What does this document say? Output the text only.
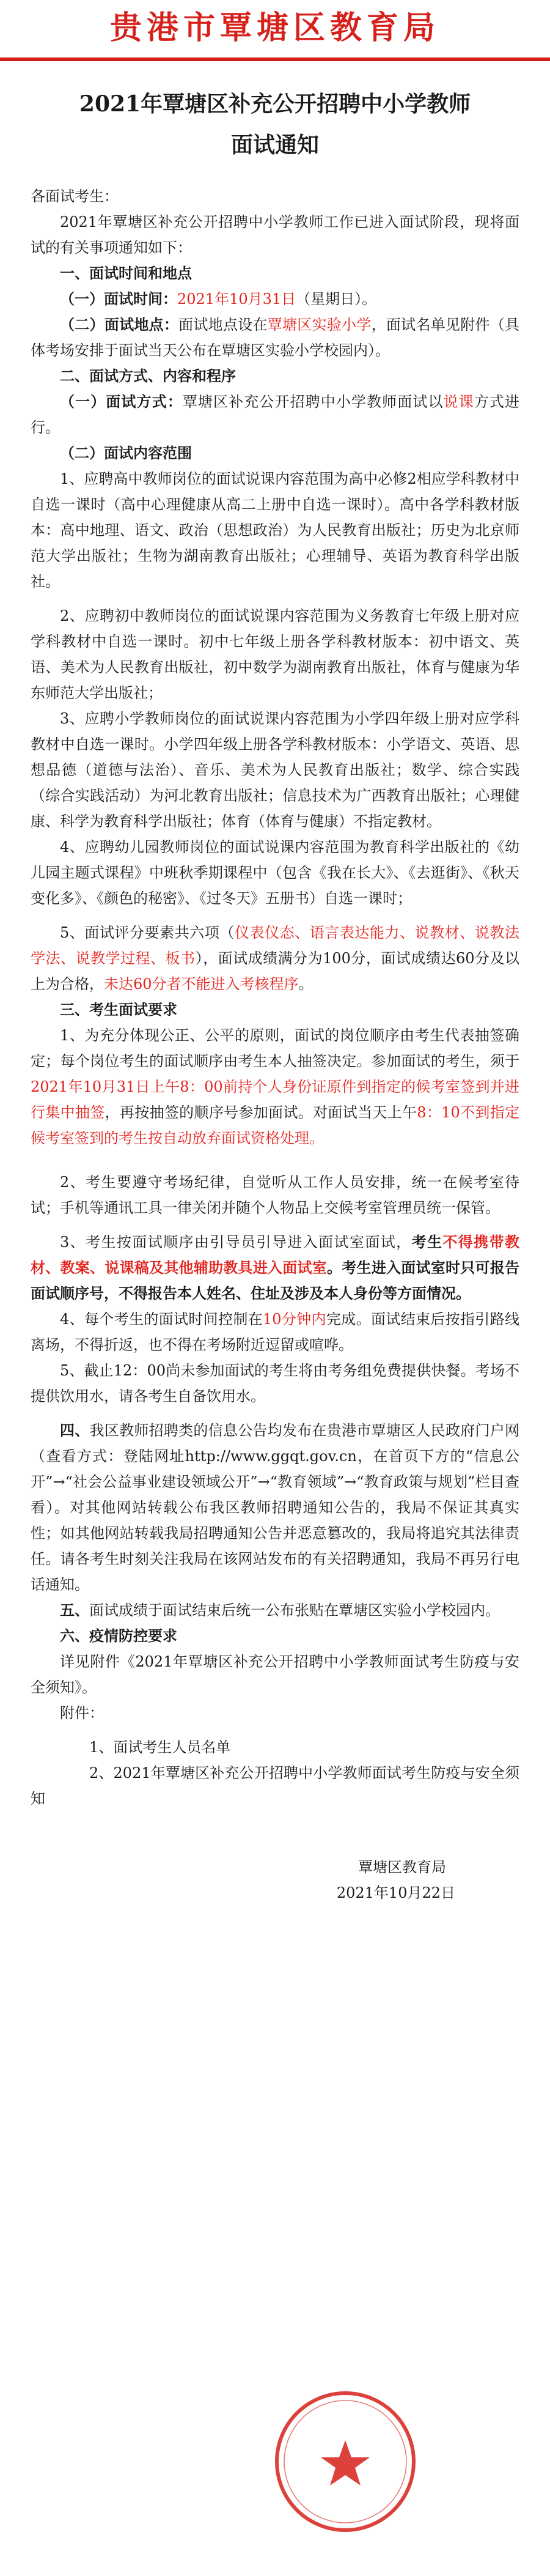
贵港市覃塘区教育局
2021年覃塘区补充公开招聘中小学教师
面试通知

各面试考生：

2021年覃塘区补充公开招聘中小学教师工作已进入面试阶段，现将面试的有关事项通知如下：

一、面试时间和地点

（一）面试时间：2021年10月31日（星期日）。

（二）面试地点：面试地点设在覃塘区实验小学，面试名单见附件（具体考场安排于面试当天公布在覃塘区实验小学校园内）。

二、面试方式、内容和程序

（一）面试方式：覃塘区补充公开招聘中小学教师面试以说课方式进行。

（二）面试内容范围

1、应聘高中教师岗位的面试说课内容范围为高中必修2相应学科教材中自选一课时（高中心理健康从高二上册中自选一课时）。高中各学科教材版本：高中地理、语文、政治（思想政治）为人民教育出版社；历史为北京师范大学出版社；生物为湖南教育出版社；心理辅导、英语为教育科学出版社。

2、应聘初中教师岗位的面试说课内容范围为义务教育七年级上册对应学科教材中自选一课时。初中七年级上册各学科教材版本：初中语文、英语、美术为人民教育出版社，初中数学为湖南教育出版社，体育与健康为华东师范大学出版社；

3、应聘小学教师岗位的面试说课内容范围为小学四年级上册对应学科教材中自选一课时。小学四年级上册各学科教材版本：小学语文、英语、思想品德（道德与法治）、音乐、美术为人民教育出版社；数学、综合实践（综合实践活动）为河北教育出版社；信息技术为广西教育出版社；心理健康、科学为教育科学出版社；体育（体育与健康）不指定教材。

4、应聘幼儿园教师岗位的面试说课内容范围为教育科学出版社的《幼儿园主题式课程》中班秋季期课程中（包含《我在长大》、《去逛街》、《秋天变化多》、《颜色的秘密》、《过冬天》五册书）自选一课时；

5、面试评分要素共六项（仪表仪态、语言表达能力、说教材、说教法学法、说教学过程、板书），面试成绩满分为100分，面试成绩达60分及以上为合格，未达60分者不能进入考核程序。

三、考生面试要求

1、为充分体现公正、公平的原则，面试的岗位顺序由考生代表抽签确定；每个岗位考生的面试顺序由考生本人抽签决定。参加面试的考生，须于2021年10月31日上午8：00前持个人身份证原件到指定的候考室签到并进行集中抽签，再按抽签的顺序号参加面试。对面试当天上午8：10不到指定候考室签到的考生按自动放弃面试资格处理。

2、考生要遵守考场纪律，自觉听从工作人员安排，统一在候考室待试；手机等通讯工具一律关闭并随个人物品上交候考室管理员统一保管。

3、考生按面试顺序由引导员引导进入面试室面试，考生不得携带教材、教案、说课稿及其他辅助教具进入面试室。考生进入面试室时只可报告面试顺序号，不得报告本人姓名、住址及涉及本人身份等方面情况。

4、每个考生的面试时间控制在10分钟内完成。面试结束后按指引路线离场，不得折返，也不得在考场附近逗留或喧哗。

5、截止12：00尚未参加面试的考生将由考务组免费提供快餐。考场不提供饮用水，请各考生自备饮用水。

四、我区教师招聘类的信息公告均发布在贵港市覃塘区人民政府门户网（查看方式：登陆网址http://www.ggqt.gov.cn，在首页下方的“信息公开”→“社会公益事业建设领域公开”→“教育领域”→“教育政策与规划”栏目查看）。对其他网站转载公布我区教师招聘通知公告的，我局不保证其真实性；如其他网站转载我局招聘通知公告并恶意篡改的，我局将追究其法律责任。请各考生时刻关注我局在该网站发布的有关招聘通知，我局不再另行电话通知。

五、面试成绩于面试结束后统一公布张贴在覃塘区实验小学校园内。

六、疫情防控要求

详见附件《2021年覃塘区补充公开招聘中小学教师面试考生防疫与安全须知》。

附件：

1、面试考生人员名单

2、2021年覃塘区补充公开招聘中小学教师面试考生防疫与安全须知

覃塘区教育局

2021年10月22日
